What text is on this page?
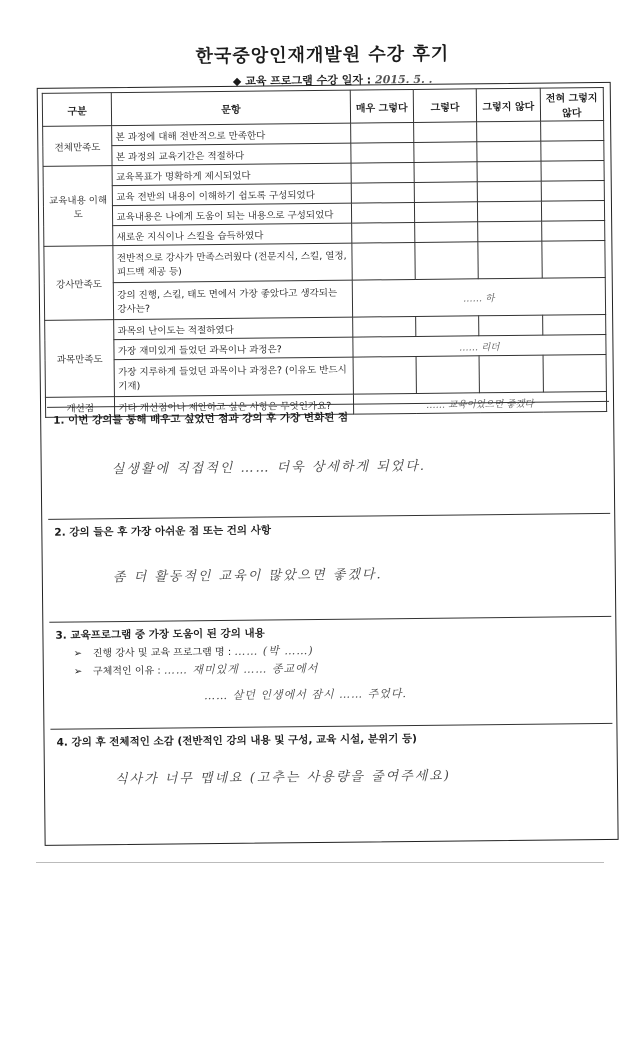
한국중앙인재개발원 수강 후기
◆ 교육 프로그램 수강 일자 : 2015. 5. .
구분	문항	매우 그렇다	그렇다	그렇지 않다	전혀 그렇지 않다
전체만족도	본 과정에 대해 전반적으로 만족한다				
	본 과정의 교육기간은 적절하다				
교육내용 이해도	교육목표가 명확하게 제시되었다				
	교육 전반의 내용이 이해하기 쉽도록 구성되었다				
	교육내용은 나에게 도움이 되는 내용으로 구성되었다				
	새로운 지식이나 스킬을 습득하였다				
강사만족도	전반적으로 강사가 만족스러웠다 (전문지식, 스킬, 열정, 피드백 제공 등)				
	강의 진행, 스킬, 태도 면에서 가장 좋았다고 생각되는 강사는?	…… 하			
과목만족도	과목의 난이도는 적절하였다				
	가장 재미있게 들었던 과목이나 과정은?	…… 리더			
	가장 지루하게 들었던 과목이나 과정은? (이유도 반드시 기재)				
개선점	기타 개선점이나 제안하고 싶은 사항은 무엇인가요?	…… 교육이었으면 좋겠다			
1. 이번 강의를 통해 배우고 싶었던 점과 강의 후 가장 변화된 점
실생활에 직접적인 …… 더욱 상세하게 되었다.
2. 강의 들은 후 가장 아쉬운 점 또는 건의 사항
좀 더 활동적인 교육이 많았으면 좋겠다.
3. 교육프로그램 중 가장 도움이 된 강의 내용
➢ 진행 강사 및 교육 프로그램 명 : …… (박 ……)
➢ 구체적인 이유 : …… 재미있게 …… 종교에서
…… 살던 인생에서 잠시 …… 주었다.
4. 강의 후 전체적인 소감 (전반적인 강의 내용 및 구성, 교육 시설, 분위기 등)
식사가 너무 맵네요 (고추는 사용량을 줄여주세요)
